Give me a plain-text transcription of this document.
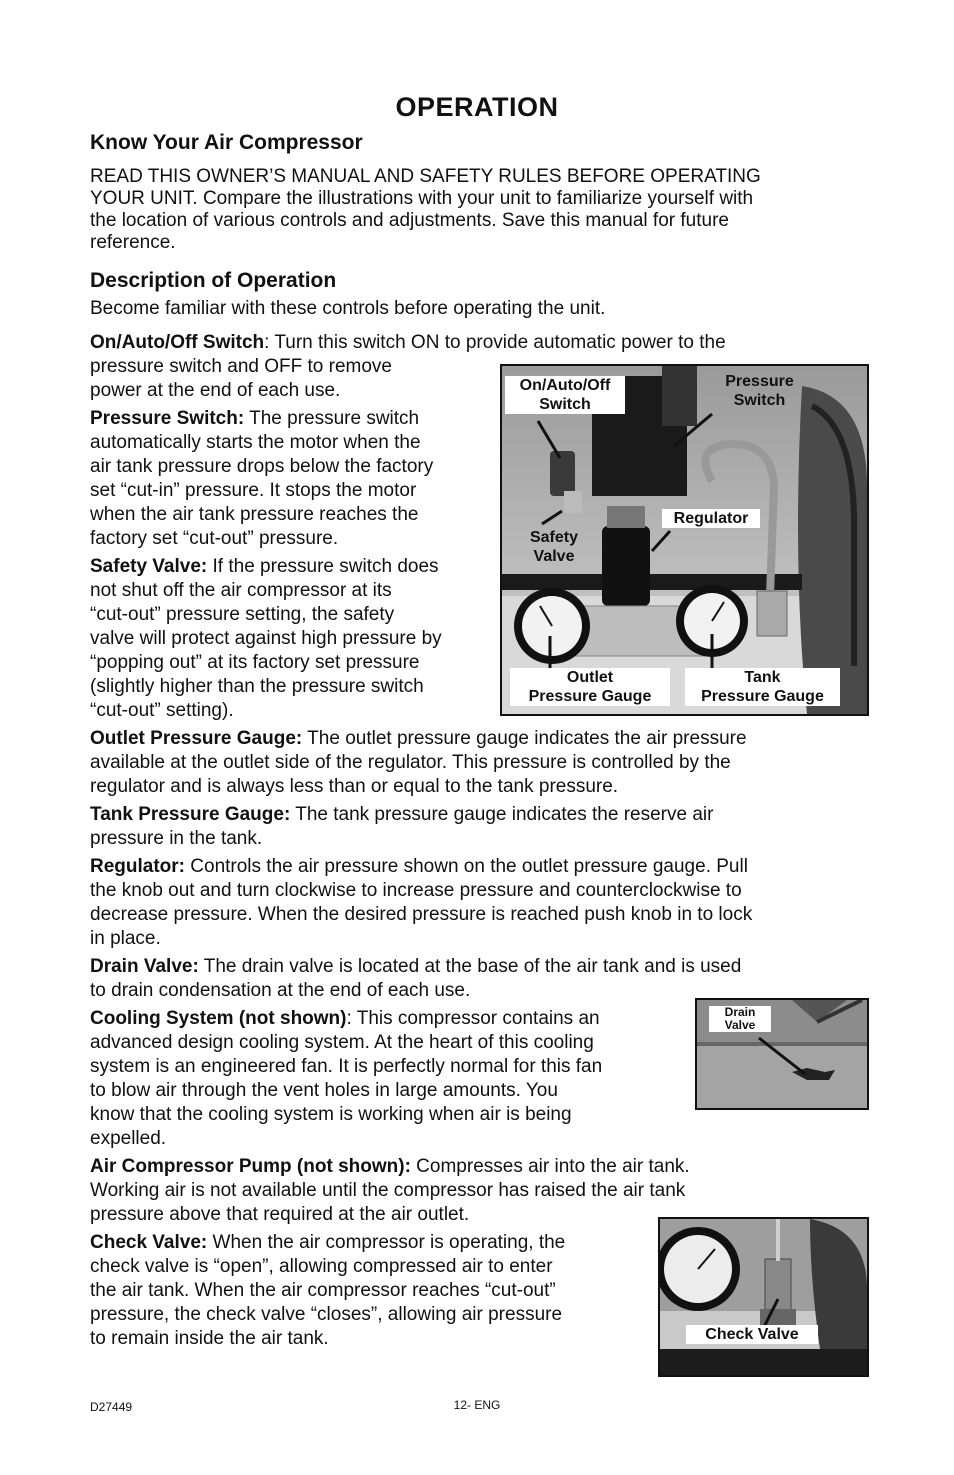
OPERATION
Know Your Air Compressor
READ THIS OWNER’S MANUAL AND SAFETY RULES BEFORE OPERATING
YOUR UNIT. Compare the illustrations with your unit to familiarize yourself with
the location of various controls and adjustments. Save this manual for future
reference.
Description of Operation
Become familiar with these controls before operating the unit.
On/Auto/Off Switch: Turn this switch ON to provide automatic power to the
pressure switch and OFF to remove
power at the end of each use.
Pressure Switch: The pressure switch
automatically starts the motor when the
air tank pressure drops below the factory
set “cut-in” pressure. It stops the motor
when the air tank pressure reaches the
factory set “cut-out” pressure.
Safety Valve: If the pressure switch does
not shut off the air compressor at its
“cut-out” pressure setting, the safety
valve will protect against high pressure by
“popping out” at its factory set pressure
(slightly higher than the pressure switch
“cut-out” setting).
Outlet Pressure Gauge: The outlet pressure gauge indicates the air pressure
available at the outlet side of the regulator. This pressure is controlled by the
regulator and is always less than or equal to the tank pressure.
Tank Pressure Gauge: The tank pressure gauge indicates the reserve air
pressure in the tank.
Regulator: Controls the air pressure shown on the outlet pressure gauge. Pull
the knob out and turn clockwise to increase pressure and counterclockwise to
decrease pressure. When the desired pressure is reached push knob in to lock
in place.
Drain Valve: The drain valve is located at the base of the air tank and is used
to drain condensation at the end of each use.
Cooling System (not shown): This compressor contains an
advanced design cooling system. At the heart of this cooling
system is an engineered fan. It is perfectly normal for this fan
to blow air through the vent holes in large amounts. You
know that the cooling system is working when air is being
expelled.
Air Compressor Pump (not shown): Compresses air into the air tank.
Working air is not available until the compressor has raised the air tank
pressure above that required at the air outlet.
Check Valve: When the air compressor is operating, the
check valve is “open”, allowing compressed air to enter
the air tank. When the air compressor reaches “cut-out”
pressure, the check valve “closes”, allowing air pressure
to remain inside the air tank.
On/Auto/Off
Switch
Pressure
Switch
Regulator
Safety
Valve
Outlet
Pressure Gauge
Tank
Pressure Gauge
Drain
Valve
Check Valve
D27449	12- ENG
